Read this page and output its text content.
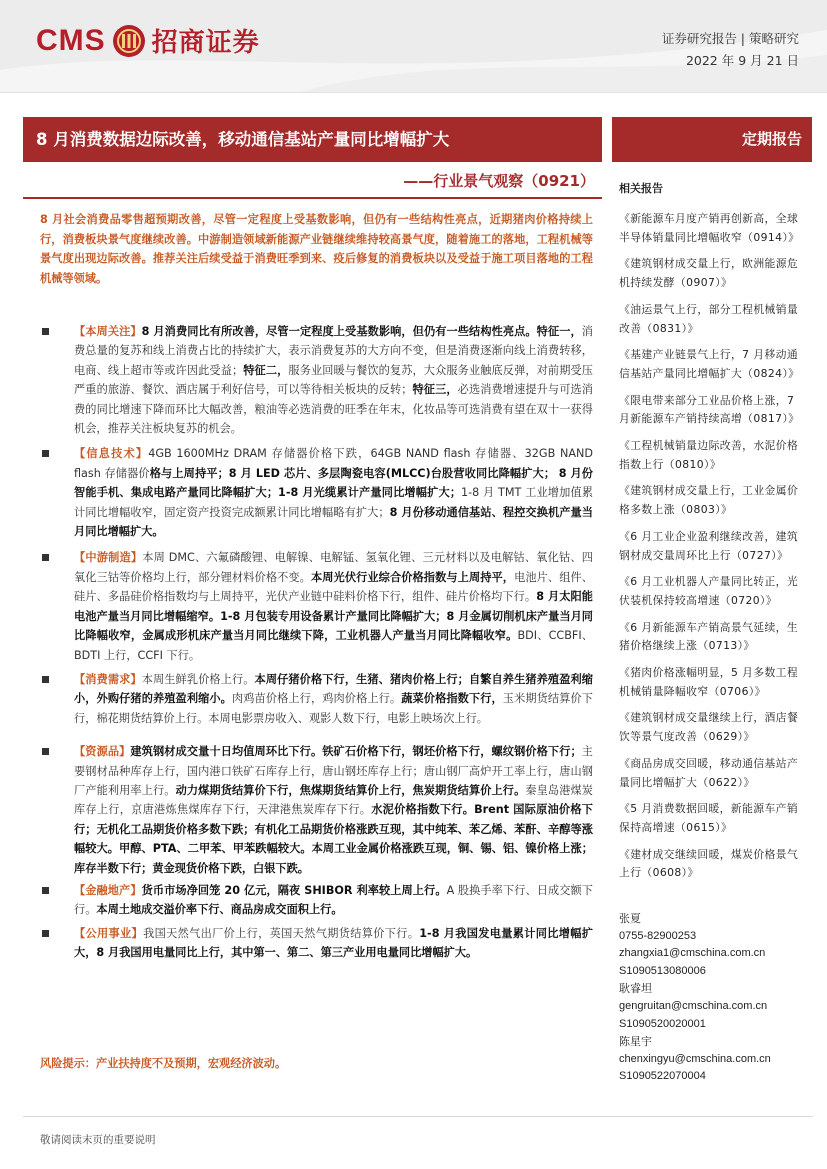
CMS 招商证券	证券研究报告 | 策略研究
2022 年 9 月 21 日
8 月消费数据边际改善，移动通信基站产量同比增幅扩大	定期报告
——行业景气观察（0921）
8 月社会消费品零售超预期改善，尽管一定程度上受基数影响，但仍有一些结构性亮点，近期猪肉价格持续上行，消费板块景气度继续改善。中游制造领域新能源产业链继续维持较高景气度，随着施工的落地，工程机械等景气度出现边际改善。推荐关注后续受益于消费旺季到来、疫后修复的消费板块以及受益于施工项目落地的工程机械等领域。
【本周关注】8 月消费同比有所改善，尽管一定程度上受基数影响，但仍有一些结构性亮点。特征一，消费总量的复苏和线上消费占比的持续扩大，表示消费复苏的大方向不变，但是消费逐渐向线上消费转移，电商、线上超市等或许因此受益；特征二，服务业回暖与餐饮的复苏，大众服务业触底反弹，对前期受压严重的旅游、餐饮、酒店属于利好信号，可以等待相关板块的反转；特征三，必选消费增速提升与可选消费的同比增速下降而环比大幅改善，粮油等必选消费的旺季在年末，化妆品等可选消费有望在双十一获得机会，推荐关注板块复苏的机会。
【信息技术】4GB 1600MHz DRAM 存储器价格下跌，64GB NAND flash 存储器、32GB NAND flash 存储器价格与上周持平；8 月 LED 芯片、多层陶瓷电容(MLCC)台股营收同比降幅扩大； 8 月份智能手机、集成电路产量同比降幅扩大；1-8 月光缆累计产量同比增幅扩大；1-8 月 TMT 工业增加值累计同比增幅收窄，固定资产投资完成额累计同比增幅略有扩大；8 月份移动通信基站、程控交换机产量当月同比增幅扩大。
【中游制造】本周 DMC、六氟磷酸锂、电解镍、电解锰、氢氧化锂、三元材料以及电解钴、氧化钴、四氧化三钴等价格均上行，部分锂材料价格不变。本周光伏行业综合价格指数与上周持平，电池片、组件、硅片、多晶硅价格指数均与上周持平，光伏产业链中硅料价格下行，组件、硅片价格均下行。8 月太阳能电池产量当月同比增幅缩窄。1-8 月包装专用设备累计产量同比降幅扩大；8 月金属切削机床产量当月同比降幅收窄，金属成形机床产量当月同比继续下降，工业机器人产量当月同比降幅收窄。BDI、CCBFI、BDTI 上行，CCFI 下行。
【消费需求】本周生鲜乳价格上行。本周仔猪价格下行，生猪、猪肉价格上行；自繁自养生猪养殖盈利缩小，外购仔猪的养殖盈利缩小。肉鸡苗价格上行，鸡肉价格上行。蔬菜价格指数下行，玉米期货结算价下行，棉花期货结算价上行。本周电影票房收入、观影人数下行，电影上映场次上行。
【资源品】建筑钢材成交量十日均值周环比下行。铁矿石价格下行，钢坯价格下行，螺纹钢价格下行；主要钢材品种库存上行，国内港口铁矿石库存上行，唐山钢坯库存上行；唐山钢厂高炉开工率上行，唐山钢厂产能利用率上行。动力煤期货结算价下行，焦煤期货结算价上行，焦炭期货结算价上行。秦皇岛港煤炭库存上行，京唐港炼焦煤库存下行，天津港焦炭库存下行。水泥价格指数下行。Brent 国际原油价格下行；无机化工品期货价格多数下跌；有机化工品期货价格涨跌互现，其中纯苯、苯乙烯、苯酐、辛醇等涨幅较大。甲醇、PTA、二甲苯、甲苯跌幅较大。本周工业金属价格涨跌互现，铜、锡、铝、镍价格上涨；库存半数下行；黄金现货价格下跌，白银下跌。
【金融地产】货币市场净回笼 20 亿元，隔夜 SHIBOR 利率较上周上行。A 股换手率下行、日成交额下行。本周土地成交溢价率下行、商品房成交面积上行。
【公用事业】我国天然气出厂价上行，英国天然气期货结算价下行。1-8 月我国发电量累计同比增幅扩大，8 月我国用电量同比上行，其中第一、第二、第三产业用电量同比增幅扩大。
风险提示：产业扶持度不及预期，宏观经济波动。
相关报告
《新能源车月度产销再创新高，全球半导体销量同比增幅收窄（0914）》
《建筑钢材成交量上行，欧洲能源危机持续发酵（0907）》
《油运景气上行，部分工程机械销量改善（0831）》
《基建产业链景气上行，7 月移动通信基站产量同比增幅扩大（0824）》
《限电带来部分工业品价格上涨，7 月新能源车产销持续高增（0817）》
《工程机械销量边际改善，水泥价格指数上行（0810）》
《建筑钢材成交量上行，工业金属价格多数上涨（0803）》
《6 月工业企业盈利继续改善，建筑钢材成交量周环比上行（0727）》
《6 月工业机器人产量同比转正，光伏装机保持较高增速（0720）》
《6 月新能源车产销高景气延续，生猪价格继续上涨（0713）》
《猪肉价格涨幅明显，5 月多数工程机械销量降幅收窄（0706）》
《建筑钢材成交量继续上行，酒店餐饮等景气度改善（0629）》
《商品房成交回暖，移动通信基站产量同比增幅扩大（0622）》
《5 月消费数据回暖，新能源车产销保持高增速（0615）》
《建材成交继续回暖，煤炭价格景气上行（0608）》
张夏
0755-82900253
zhangxia1@cmschina.com.cn
S1090513080006
耿睿坦
gengruitan@cmschina.com.cn
S1090520020001
陈星宇
chenxingyu@cmschina.com.cn
S1090522070004
敬请阅读末页的重要说明
